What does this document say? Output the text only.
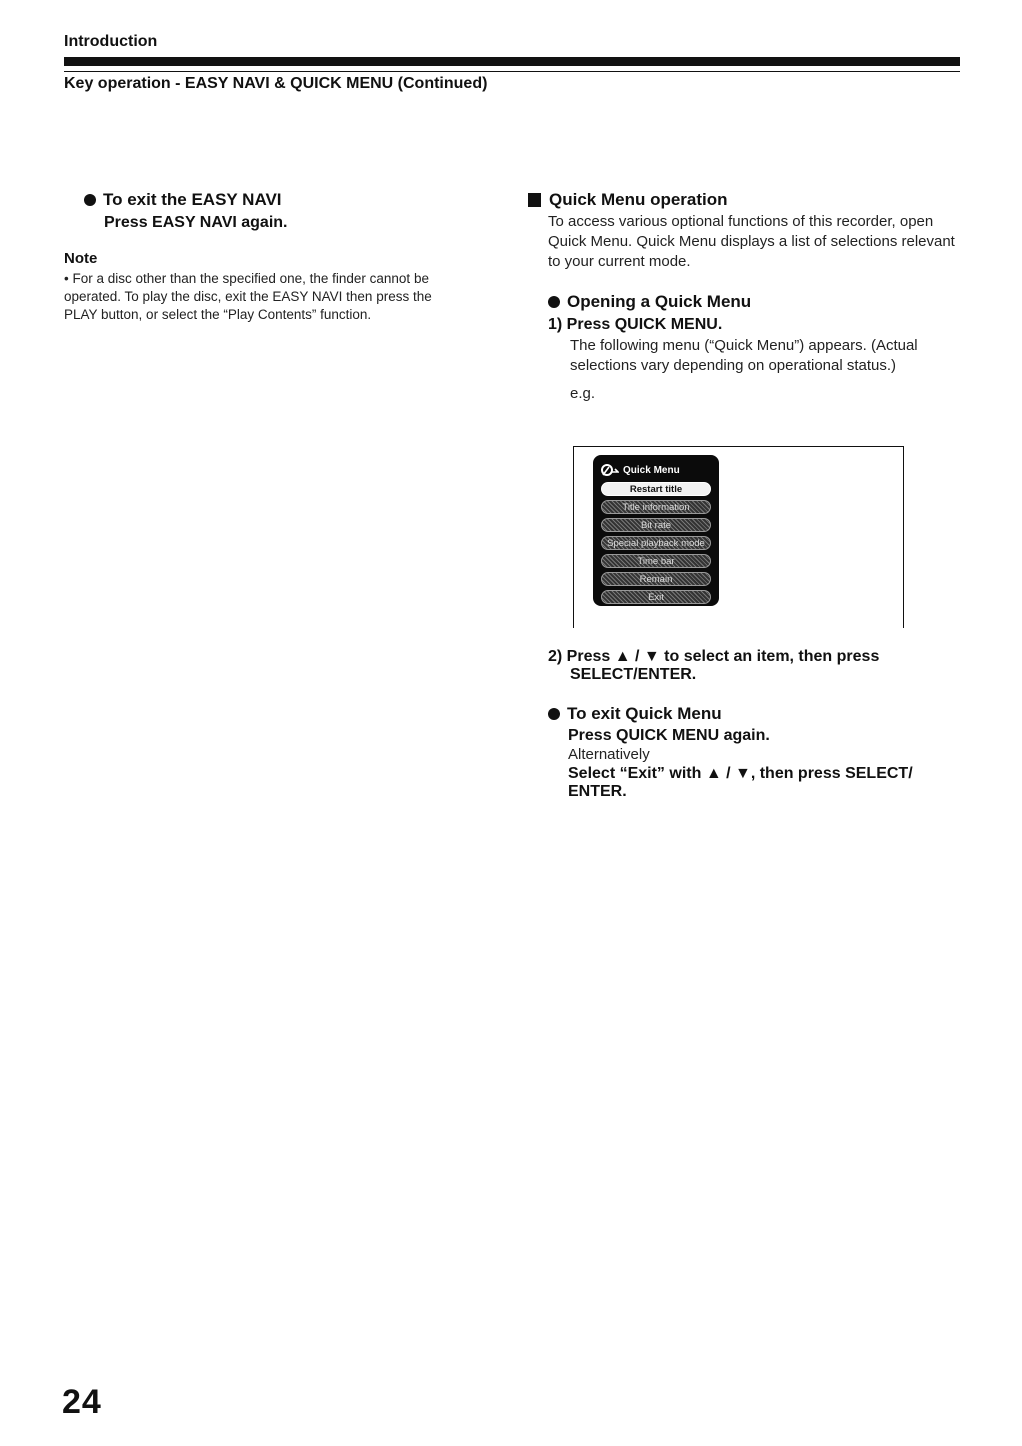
Introduction
Key operation - EASY NAVI & QUICK MENU (Continued)
To exit the EASY NAVI
Press EASY NAVI again.
Note
• For a disc other than the specified one, the finder cannot be operated. To play the disc, exit the EASY NAVI then press the PLAY button, or select the “Play Contents” function.
Quick Menu operation
To access various optional functions of this recorder, open Quick Menu. Quick Menu displays a list of selections relevant to your current mode.
Opening a Quick Menu
1) Press QUICK MENU.
The following menu (“Quick Menu”) appears. (Actual selections vary depending on operational status.)
e.g.
Quick Menu
Restart title
Title information
Bit rate
Special playback mode
Time bar
Remain
Exit
2) Press ▲ / ▼ to select an item, then press
SELECT/ENTER.
To exit Quick Menu
Press QUICK MENU again.
Alternatively
Select “Exit” with ▲ / ▼, then press SELECT/
ENTER.
24
